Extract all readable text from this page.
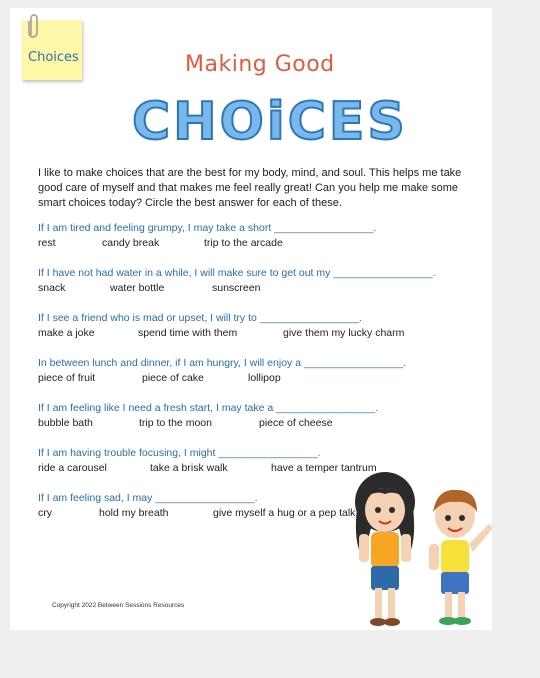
Choices	Making Good
CHOiCES
I like to make choices that are the best for my body, mind, and soul. This helps me take good care of myself and that makes me feel really great! Can you help me make some smart choices today? Circle the best answer for each of these.
If I am tired and feeling grumpy, I may take a short _________________.
rest	candy break	trip to the arcade
If I have not had water in a while, I will make sure to get out my _________________.
snack	water bottle	sunscreen
If I see a friend who is mad or upset, I will try to _________________.
make a joke	spend time with them	give them my lucky charm
In between lunch and dinner, if I am hungry, I will enjoy a _________________.
piece of fruit	piece of cake	lollipop
If I am feeling like I need a fresh start, I may take a _________________.
bubble bath	trip to the moon	piece of cheese
If I am having trouble focusing, I might _________________.
ride a carousel	take a brisk walk	have a temper tantrum
If I am feeling sad, I may _________________.
cry	hold my breath	give myself a hug or a pep talk
Copyright 2022 Between Sessions Resources
